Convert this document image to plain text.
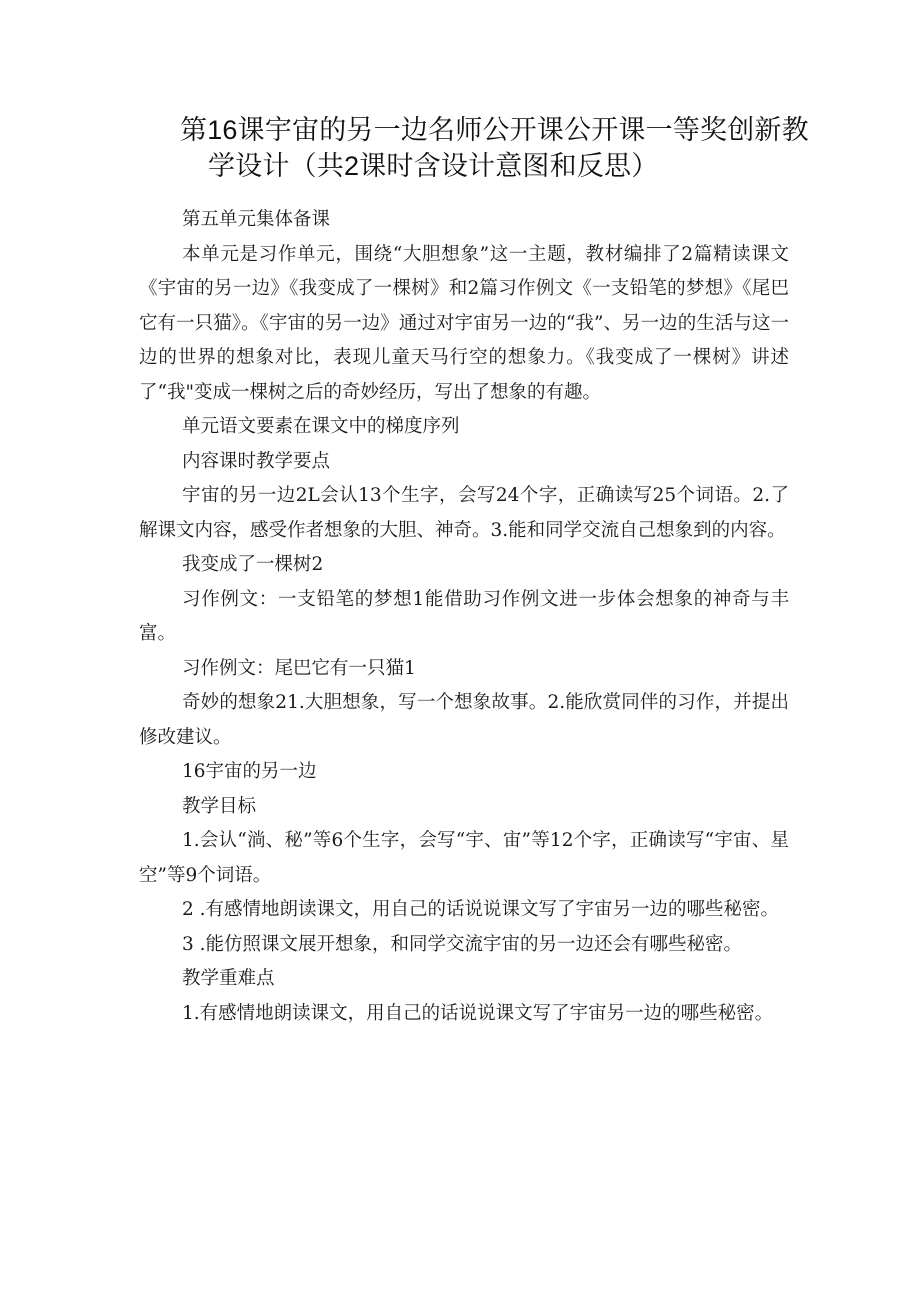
第16课宇宙的另一边名师公开课公开课一等奖创新教
学设计（共2课时含设计意图和反思）

第五单元集体备课

本单元是习作单元，围绕“大胆想象”这一主题，教材编排了2篇精读课文《宇宙的另一边》《我变成了一棵树》和2篇习作例文《一支铅笔的梦想》《尾巴它有一只猫》。《宇宙的另一边》通过对宇宙另一边的“我”、另一边的生活与这一边的世界的想象对比，表现儿童天马行空的想象力。《我变成了一棵树》讲述了“我"变成一棵树之后的奇妙经历，写出了想象的有趣。

单元语文要素在课文中的梯度序列

内容课时教学要点

宇宙的另一边2L会认13个生字，会写24个字，正确读写25个词语。2.了解课文内容，感受作者想象的大胆、神奇。3.能和同学交流自己想象到的内容。

我变成了一棵树2

习作例文：一支铅笔的梦想1能借助习作例文进一步体会想象的神奇与丰富。

习作例文：尾巴它有一只猫1

奇妙的想象21.大胆想象，写一个想象故事。2.能欣赏同伴的习作，并提出修改建议。

16宇宙的另一边

教学目标

1.会认“淌、秘”等6个生字，会写“宇、宙”等12个字，正确读写“宇宙、星空”等9个词语。

2 .有感情地朗读课文，用自己的话说说课文写了宇宙另一边的哪些秘密。

3 .能仿照课文展开想象，和同学交流宇宙的另一边还会有哪些秘密。

教学重难点

1.有感情地朗读课文，用自己的话说说课文写了宇宙另一边的哪些秘密。
